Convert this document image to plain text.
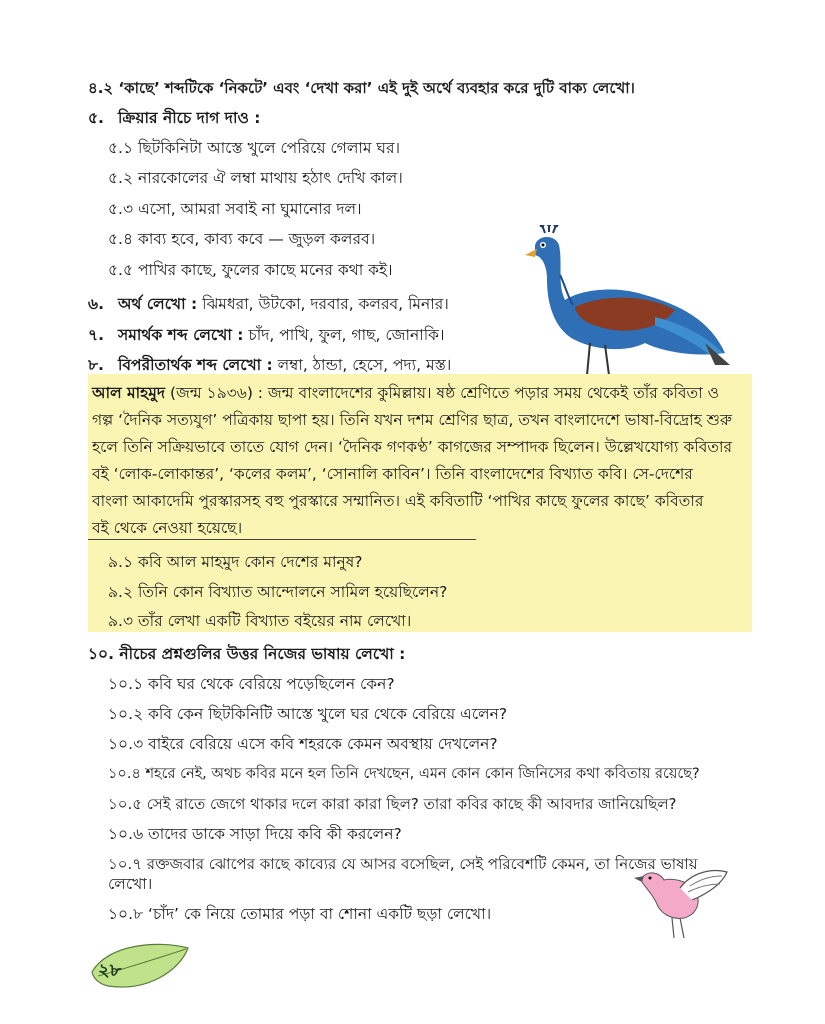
৪.২ ‘কাছে’ শব্দটিকে ‘নিকটে’ এবং ‘দেখা করা’ এই দুই অর্থে ব্যবহার করে দুটি বাক্য লেখো।
৫. ক্রিয়ার নীচে দাগ দাও :
৫.১ ছিটকিনিটা আস্তে খুলে পেরিয়ে গেলাম ঘর।
৫.২ নারকোলের ঐ লম্বা মাথায় হঠাৎ দেখি কাল।
৫.৩ এসো, আমরা সবাই না ঘুমানোর দল।
৫.৪ কাব্য হবে, কাব্য কবে — জুড়ল কলরব।
৫.৫ পাখির কাছে, ফুলের কাছে মনের কথা কই।
৬. অর্থ লেখো : ঝিমধরা, উটকো, দরবার, কলরব, মিনার।
৭. সমার্থক শব্দ লেখো : চাঁদ, পাখি, ফুল, গাছ, জোনাকি।
৮. বিপরীতার্থক শব্দ লেখো : লম্বা, ঠান্ডা, হেসে, পদ্য, মস্ত।
আল মাহমুদ (জন্ম ১৯৩৬) : জন্ম বাংলাদেশের কুমিল্লায়। ষষ্ঠ শ্রেণিতে পড়ার সময় থেকেই তাঁর কবিতা ও
গল্প ‘দৈনিক সত্যযুগ’ পত্রিকায় ছাপা হয়। তিনি যখন দশম শ্রেণির ছাত্র, তখন বাংলাদেশে ভাষা-বিদ্রোহ শুরু
হলে তিনি সক্রিয়ভাবে তাতে যোগ দেন। ‘দৈনিক গণকণ্ঠ’ কাগজের সম্পাদক ছিলেন। উল্লেখযোগ্য কবিতার
বই ‘লোক-লোকান্তর’, ‘কলের কলম’, ‘সোনালি কাবিন’। তিনি বাংলাদেশের বিখ্যাত কবি। সে-দেশের
বাংলা আকাদেমি পুরস্কারসহ বহু পুরস্কারে সম্মানিত। এই কবিতাটি ‘পাখির কাছে ফুলের কাছে’ কবিতার
বই থেকে নেওয়া হয়েছে।
৯.১ কবি আল মাহমুদ কোন দেশের মানুষ?
৯.২ তিনি কোন বিখ্যাত আন্দোলনে সামিল হয়েছিলেন?
৯.৩ তাঁর লেখা একটি বিখ্যাত বইয়ের নাম লেখো।
১০. নীচের প্রশ্নগুলির উত্তর নিজের ভাষায় লেখো :
১০.১ কবি ঘর থেকে বেরিয়ে পড়েছিলেন কেন?
১০.২ কবি কেন ছিটকিনিটি আস্তে খুলে ঘর থেকে বেরিয়ে এলেন?
১০.৩ বাইরে বেরিয়ে এসে কবি শহরকে কেমন অবস্থায় দেখলেন?
১০.৪ শহরে নেই, অথচ কবির মনে হল তিনি দেখছেন, এমন কোন কোন জিনিসের কথা কবিতায় রয়েছে?
১০.৫ সেই রাতে জেগে থাকার দলে কারা কারা ছিল? তারা কবির কাছে কী আবদার জানিয়েছিল?
১০.৬ তাদের ডাকে সাড়া দিয়ে কবি কী করলেন?
১০.৭ রক্তজবার ঝোপের কাছে কাব্যের যে আসর বসেছিল, সেই পরিবেশটি কেমন, তা নিজের ভাষায়
লেখো।
১০.৮ ‘চাঁদ’ কে নিয়ে তোমার পড়া বা শোনা একটি ছড়া লেখো।
২৮
